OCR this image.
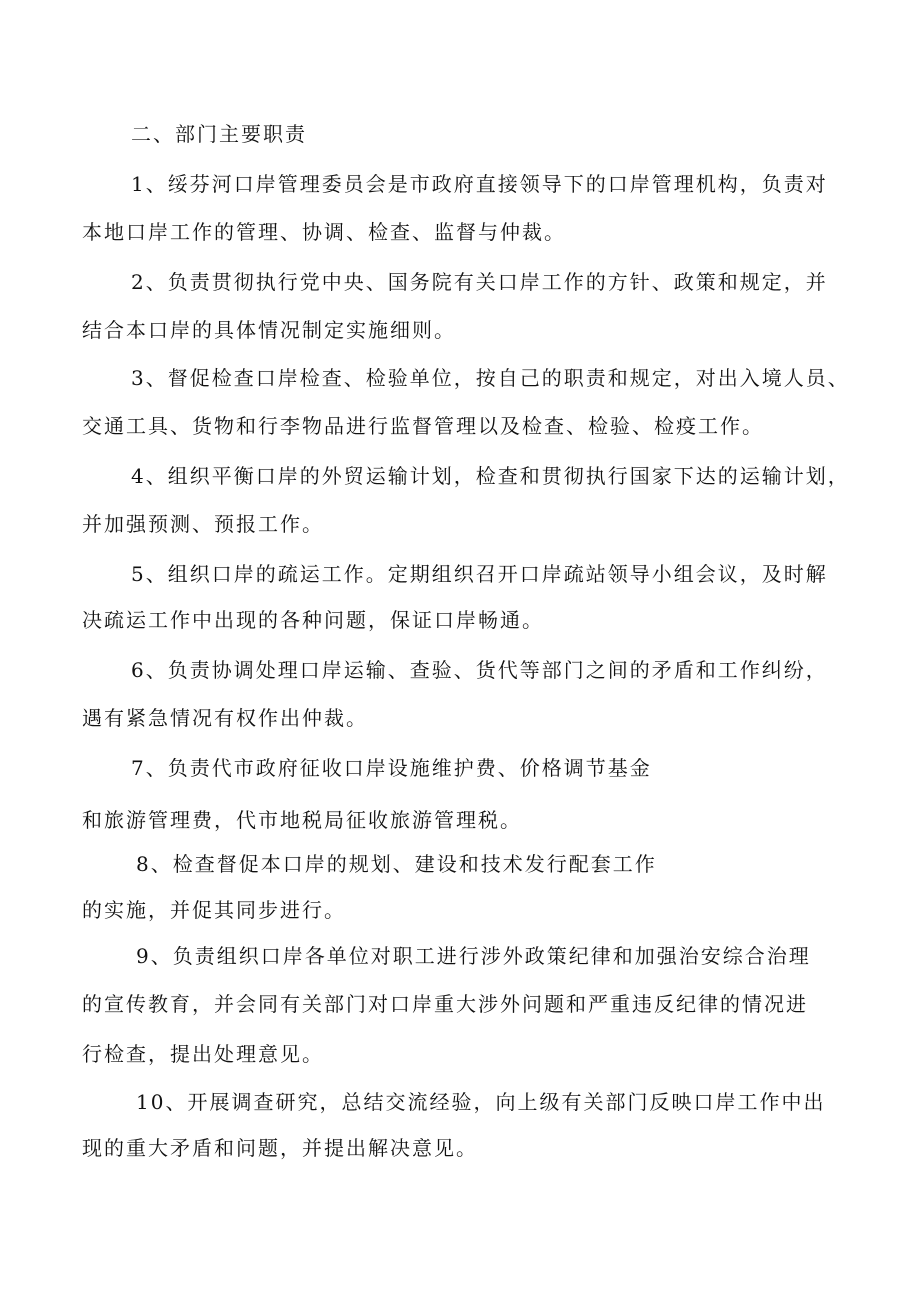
二、部门主要职责
1、绥芬河口岸管理委员会是市政府直接领导下的口岸管理机构，负责对
本地口岸工作的管理、协调、检查、监督与仲裁。
2、负责贯彻执行党中央、国务院有关口岸工作的方针、政策和规定，并
结合本口岸的具体情况制定实施细则。
3、督促检查口岸检查、检验单位，按自己的职责和规定，对出入境人员、
交通工具、货物和行李物品进行监督管理以及检查、检验、检疫工作。
4、组织平衡口岸的外贸运输计划，检查和贯彻执行国家下达的运输计划，
并加强预测、预报工作。
5、组织口岸的疏运工作。定期组织召开口岸疏站领导小组会议，及时解
决疏运工作中出现的各种问题，保证口岸畅通。
6、负责协调处理口岸运输、查验、货代等部门之间的矛盾和工作纠纷，
遇有紧急情况有权作出仲裁。
7、负责代市政府征收口岸设施维护费、价格调节基金
和旅游管理费，代市地税局征收旅游管理税。
8、检查督促本口岸的规划、建设和技术发行配套工作
的实施，并促其同步进行。
9、负责组织口岸各单位对职工进行涉外政策纪律和加强治安综合治理
的宣传教育，并会同有关部门对口岸重大涉外问题和严重违反纪律的情况进
行检查，提出处理意见。
10、开展调查研究，总结交流经验，向上级有关部门反映口岸工作中出
现的重大矛盾和问题，并提出解决意见。
